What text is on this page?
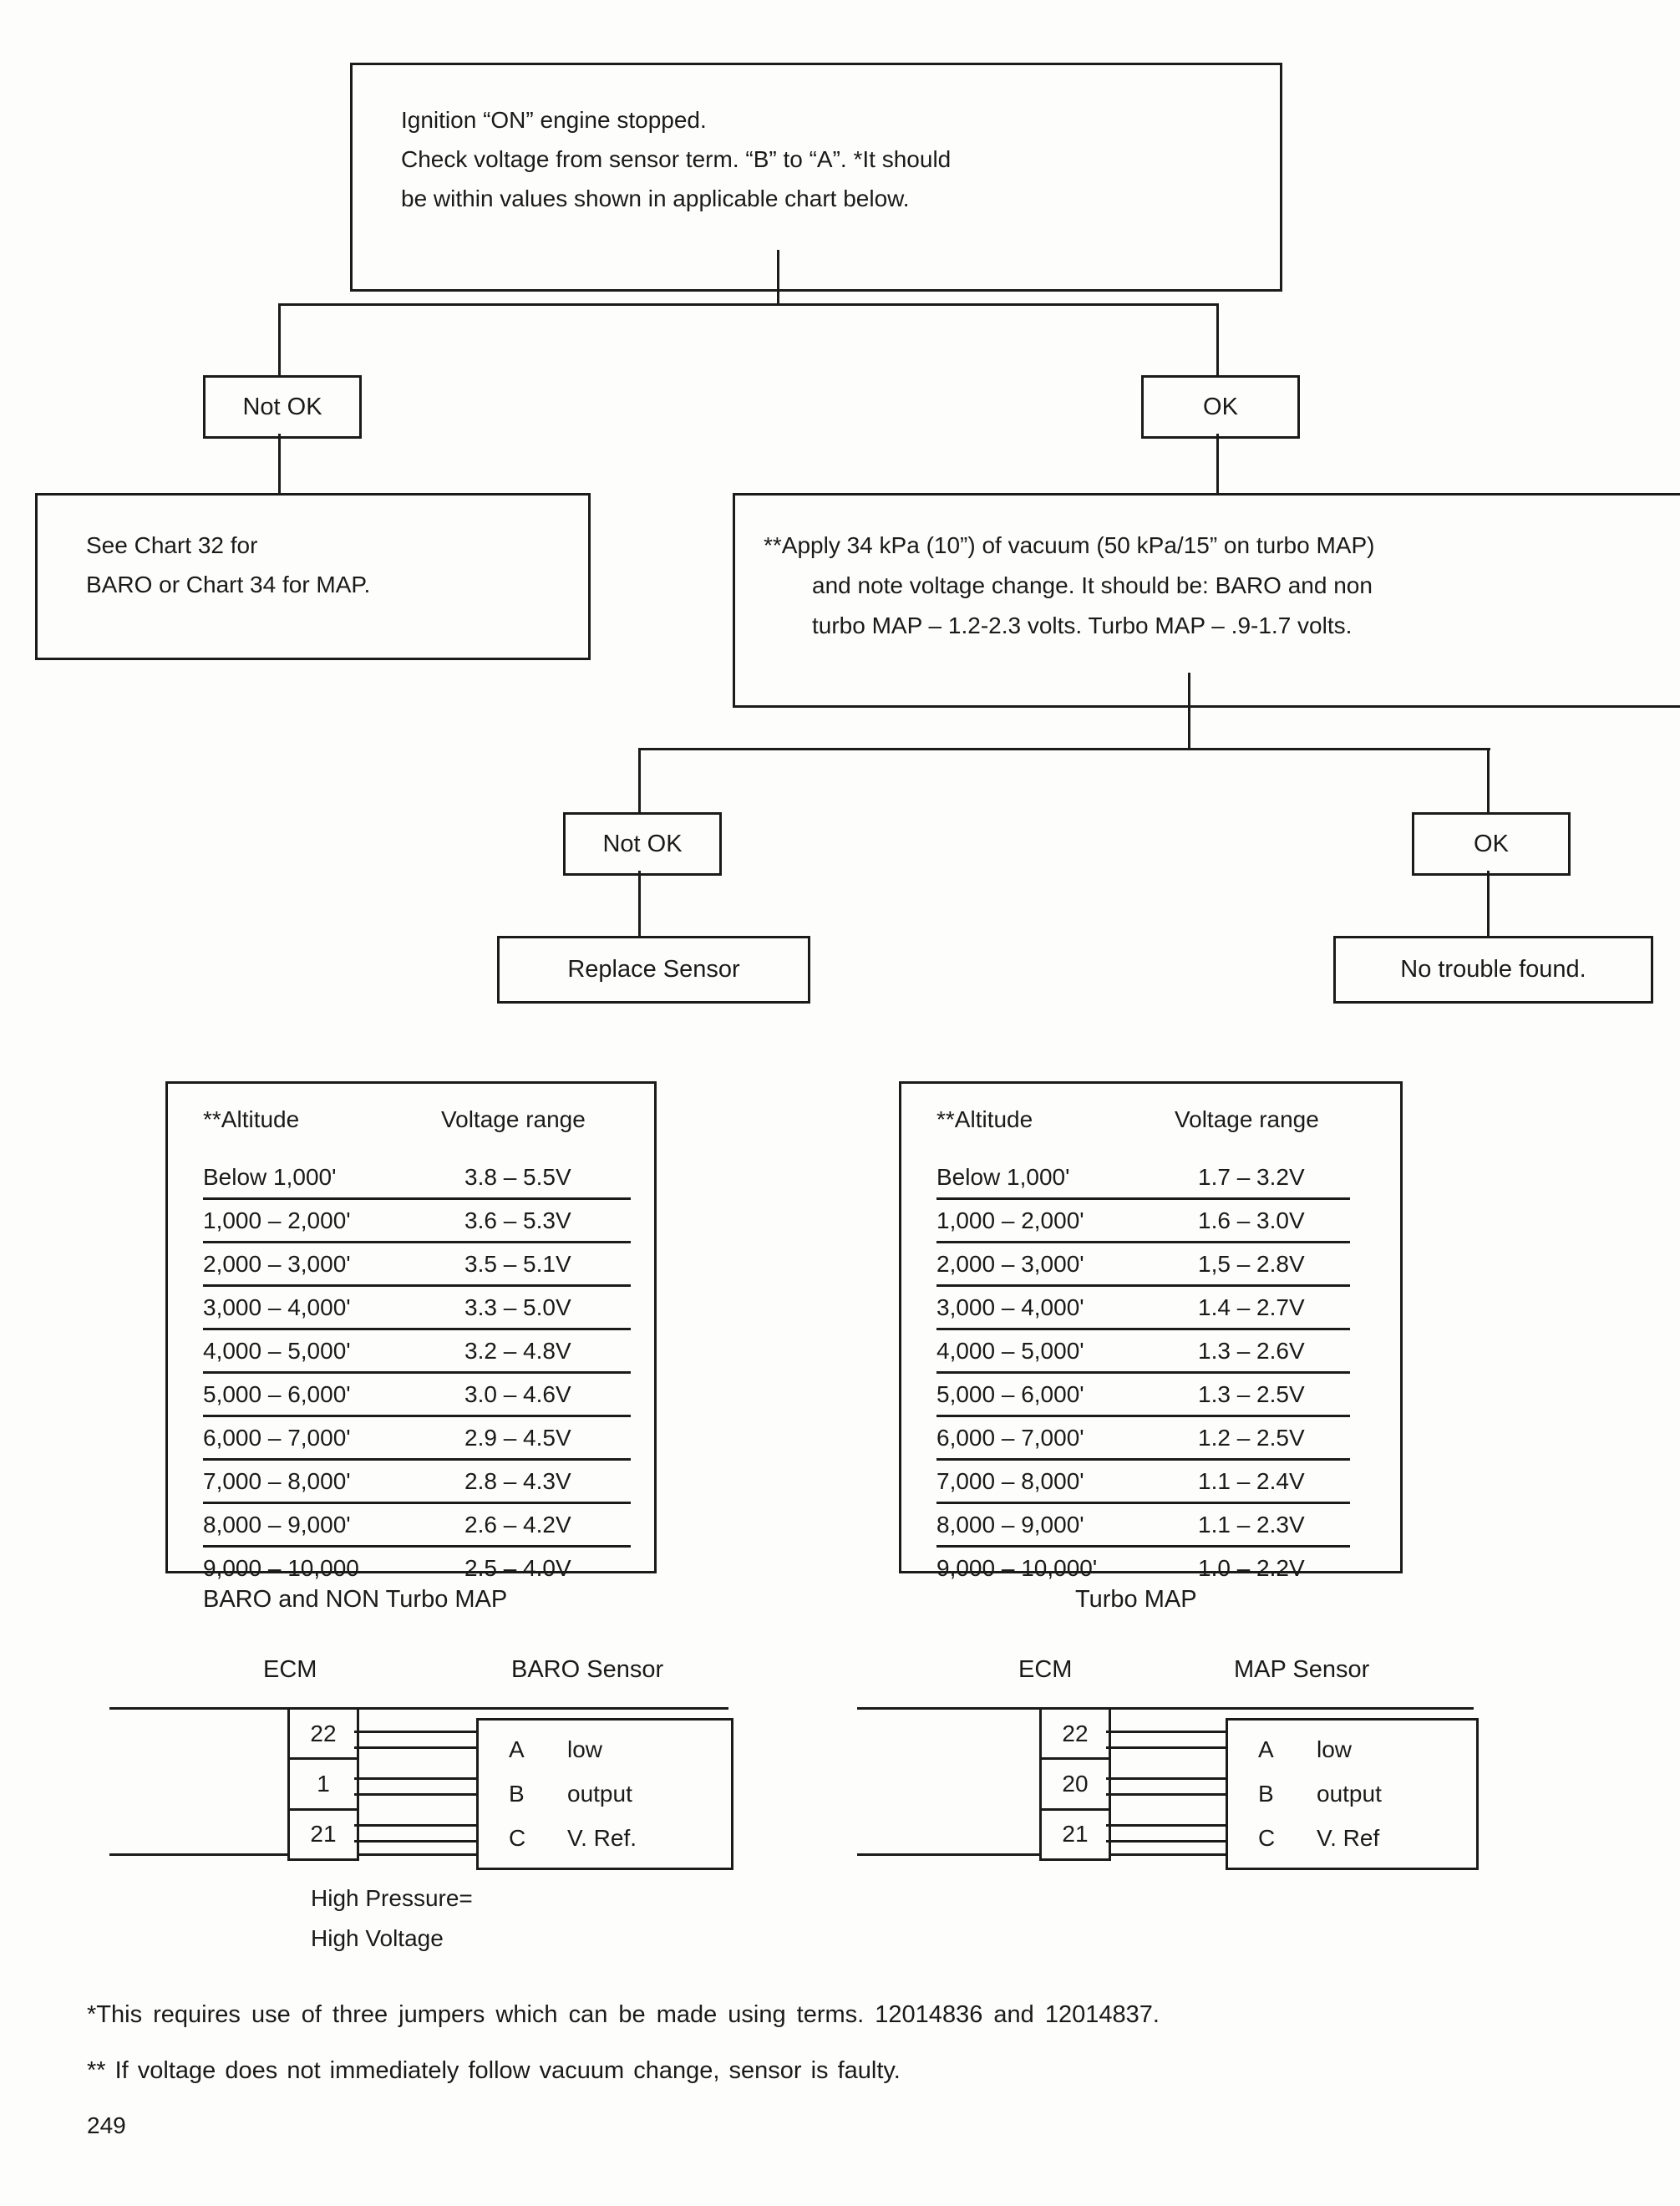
Ignition “ON” engine stopped.
Check voltage from sensor term. “B” to “A”. *It should
be within values shown in applicable chart below.
Not OK	OK
See Chart 32 for
BARO or Chart 34 for MAP.
**Apply 34 kPa (10”) of vacuum (50 kPa/15” on turbo MAP)
and note voltage change. It should be: BARO and non
turbo MAP – 1.2-2.3 volts. Turbo MAP – .9-1.7 volts.
Not OK	OK
Replace Sensor	No trouble found.
**Altitude	Voltage range
Below 1,000'	3.8 – 5.5V
1,000 – 2,000'	3.6 – 5.3V
2,000 – 3,000'	3.5 – 5.1V
3,000 – 4,000'	3.3 – 5.0V
4,000 – 5,000'	3.2 – 4.8V
5,000 – 6,000'	3.0 – 4.6V
6,000 – 7,000'	2.9 – 4.5V
7,000 – 8,000'	2.8 – 4.3V
8,000 – 9,000'	2.6 – 4.2V
9,000 – 10,000	2.5 – 4.0V
BARO and NON Turbo MAP
**Altitude	Voltage range
Below 1,000'	1.7 – 3.2V
1,000 – 2,000'	1.6 – 3.0V
2,000 – 3,000'	1,5 – 2.8V
3,000 – 4,000'	1.4 – 2.7V
4,000 – 5,000'	1.3 – 2.6V
5,000 – 6,000'	1.3 – 2.5V
6,000 – 7,000'	1.2 – 2.5V
7,000 – 8,000'	1.1 – 2.4V
8,000 – 9,000'	1.1 – 2.3V
9,000 – 10,000'	1.0 – 2.2V
Turbo MAP
ECM	BARO Sensor
22
1
21
A	low
B	output
C	V. Ref.
High Pressure=
High Voltage
ECM	MAP Sensor
22
20
21
A	low
B	output
C	V. Ref
*This requires use of three jumpers which can be made using terms. 12014836 and 12014837.
** If voltage does not immediately follow vacuum change, sensor is faulty.
249
